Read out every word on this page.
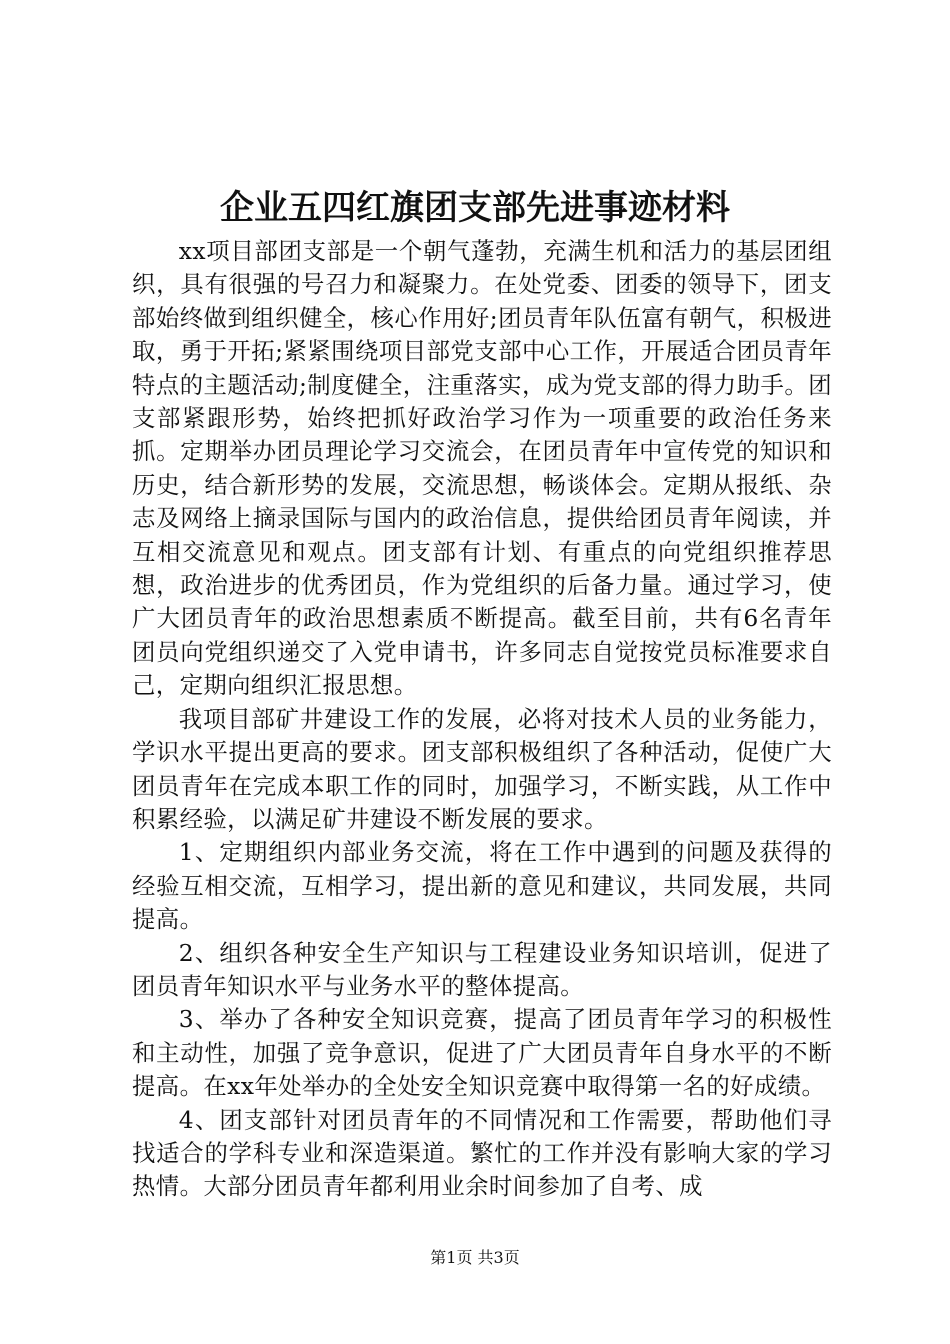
企业五四红旗团支部先进事迹材料

xx项目部团支部是一个朝气蓬勃，充满生机和活力的基层团组织，具有很强的号召力和凝聚力。在处党委、团委的领导下，团支部始终做到组织健全，核心作用好;团员青年队伍富有朝气，积极进取，勇于开拓;紧紧围绕项目部党支部中心工作，开展适合团员青年特点的主题活动;制度健全，注重落实，成为党支部的得力助手。团支部紧跟形势，始终把抓好政治学习作为一项重要的政治任务来抓。定期举办团员理论学习交流会，在团员青年中宣传党的知识和历史，结合新形势的发展，交流思想，畅谈体会。定期从报纸、杂志及网络上摘录国际与国内的政治信息，提供给团员青年阅读，并互相交流意见和观点。团支部有计划、有重点的向党组织推荐思想，政治进步的优秀团员，作为党组织的后备力量。通过学习，使广大团员青年的政治思想素质不断提高。截至目前，共有6名青年团员向党组织递交了入党申请书，许多同志自觉按党员标准要求自己，定期向组织汇报思想。

我项目部矿井建设工作的发展，必将对技术人员的业务能力，学识水平提出更高的要求。团支部积极组织了各种活动，促使广大团员青年在完成本职工作的同时，加强学习，不断实践，从工作中积累经验，以满足矿井建设不断发展的要求。

1、定期组织内部业务交流，将在工作中遇到的问题及获得的经验互相交流，互相学习，提出新的意见和建议，共同发展，共同提高。

2、组织各种安全生产知识与工程建设业务知识培训，促进了团员青年知识水平与业务水平的整体提高。

3、举办了各种安全知识竞赛，提高了团员青年学习的积极性和主动性，加强了竞争意识，促进了广大团员青年自身水平的不断提高。在xx年处举办的全处安全知识竞赛中取得第一名的好成绩。

4、团支部针对团员青年的不同情况和工作需要，帮助他们寻找适合的学科专业和深造渠道。繁忙的工作并没有影响大家的学习热情。大部分团员青年都利用业余时间参加了自考、成

第1页 共3页
